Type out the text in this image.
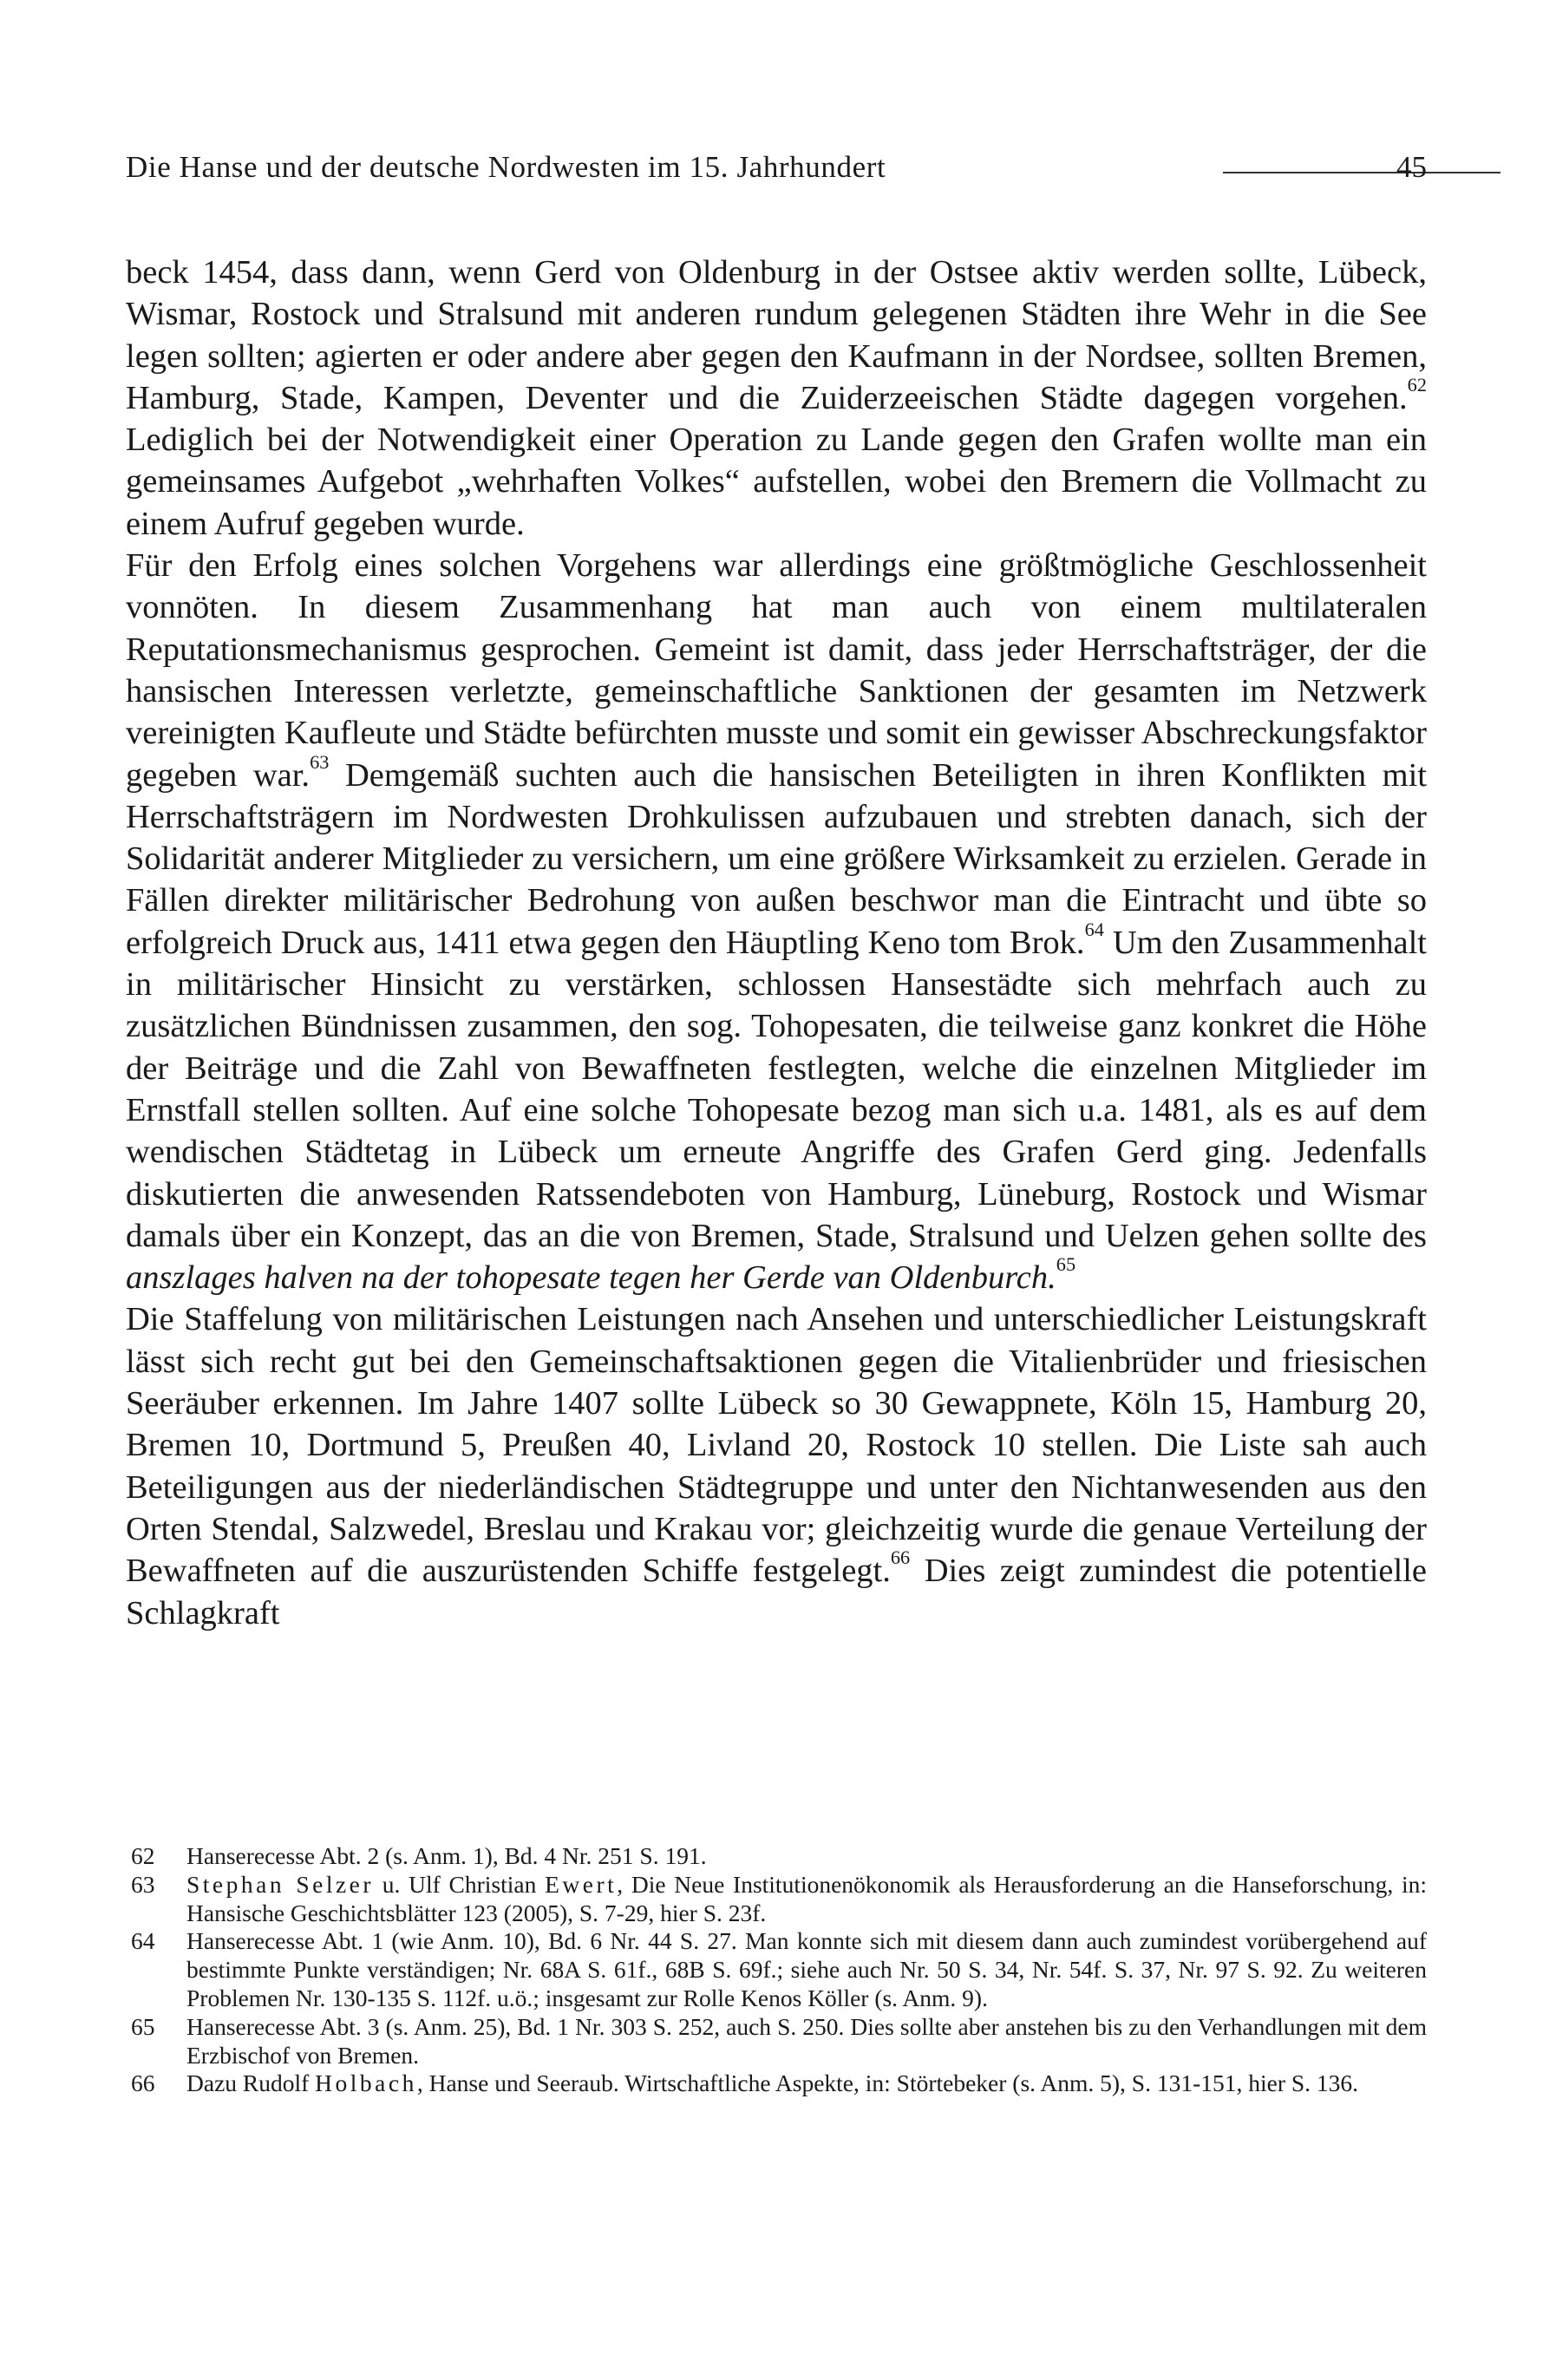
Die Hanse und der deutsche Nordwesten im 15. Jahrhundert	45

beck 1454, dass dann, wenn Gerd von Oldenburg in der Ostsee aktiv werden sollte, Lübeck, Wismar, Rostock und Stralsund mit anderen rundum gelegenen Städten ihre Wehr in die See legen sollten; agierten er oder andere aber gegen den Kaufmann in der Nordsee, sollten Bremen, Hamburg, Stade, Kampen, Deventer und die Zuiderzeeischen Städte dagegen vorgehen.$^{62}$ Lediglich bei der Notwendigkeit einer Operation zu Lande gegen den Grafen wollte man ein gemeinsames Aufgebot „wehrhaften Volkes“ aufstellen, wobei den Bremern die Vollmacht zu einem Aufruf gegeben wurde.

Für den Erfolg eines solchen Vorgehens war allerdings eine größtmögliche Geschlossenheit vonnöten. In diesem Zusammenhang hat man auch von einem multilateralen Reputationsmechanismus gesprochen. Gemeint ist damit, dass jeder Herrschaftsträger, der die hansischen Interessen verletzte, gemeinschaftliche Sanktionen der gesamten im Netzwerk vereinigten Kaufleute und Städte befürchten musste und somit ein gewisser Abschreckungsfaktor gegeben war.$^{63}$ Demgemäß suchten auch die hansischen Beteiligten in ihren Konflikten mit Herrschaftsträgern im Nordwesten Drohkulissen aufzubauen und strebten danach, sich der Solidarität anderer Mitglieder zu versichern, um eine größere Wirksamkeit zu erzielen. Gerade in Fällen direkter militärischer Bedrohung von außen beschwor man die Eintracht und übte so erfolgreich Druck aus, 1411 etwa gegen den Häuptling Keno tom Brok.$^{64}$ Um den Zusammenhalt in militärischer Hinsicht zu verstärken, schlossen Hansestädte sich mehrfach auch zu zusätzlichen Bündnissen zusammen, den sog. Tohopesaten, die teilweise ganz konkret die Höhe der Beiträge und die Zahl von Bewaffneten festlegten, welche die einzelnen Mitglieder im Ernstfall stellen sollten. Auf eine solche Tohopesate bezog man sich u.a. 1481, als es auf dem wendischen Städtetag in Lübeck um erneute Angriffe des Grafen Gerd ging. Jedenfalls diskutierten die anwesenden Ratssendeboten von Hamburg, Lüneburg, Rostock und Wismar damals über ein Konzept, das an die von Bremen, Stade, Stralsund und Uelzen gehen sollte des anszlages halven na der tohopesate tegen her Gerde van Oldenburch.$^{65}$

Die Staffelung von militärischen Leistungen nach Ansehen und unterschiedlicher Leistungskraft lässt sich recht gut bei den Gemeinschaftsaktionen gegen die Vitalienbrüder und friesischen Seeräuber erkennen. Im Jahre 1407 sollte Lübeck so 30 Gewappnete, Köln 15, Hamburg 20, Bremen 10, Dortmund 5, Preußen 40, Livland 20, Rostock 10 stellen. Die Liste sah auch Beteiligungen aus der niederländischen Städtegruppe und unter den Nichtanwesenden aus den Orten Stendal, Salzwedel, Breslau und Krakau vor; gleichzeitig wurde die genaue Verteilung der Bewaffneten auf die auszurüstenden Schiffe festgelegt.$^{66}$ Dies zeigt zumindest die potentielle Schlagkraft

62 Hanserecesse Abt. 2 (s. Anm. 1), Bd. 4 Nr. 251 S. 191.

63 Stephan Selzer u. Ulf Christian Ewert, Die Neue Institutionenökonomik als Herausforderung an die Hanseforschung, in: Hansische Geschichtsblätter 123 (2005), S. 7-29, hier S. 23f.

64 Hanserecesse Abt. 1 (wie Anm. 10), Bd. 6 Nr. 44 S. 27. Man konnte sich mit diesem dann auch zumindest vorübergehend auf bestimmte Punkte verständigen; Nr. 68A S. 61f., 68B S. 69f.; siehe auch Nr. 50 S. 34, Nr. 54f. S. 37, Nr. 97 S. 92. Zu weiteren Problemen Nr. 130-135 S. 112f. u.ö.; insgesamt zur Rolle Kenos Köller (s. Anm. 9).

65 Hanserecesse Abt. 3 (s. Anm. 25), Bd. 1 Nr. 303 S. 252, auch S. 250. Dies sollte aber anstehen bis zu den Verhandlungen mit dem Erzbischof von Bremen.

66 Dazu Rudolf Holbach, Hanse und Seeraub. Wirtschaftliche Aspekte, in: Störtebeker (s. Anm. 5), S. 131-151, hier S. 136.
